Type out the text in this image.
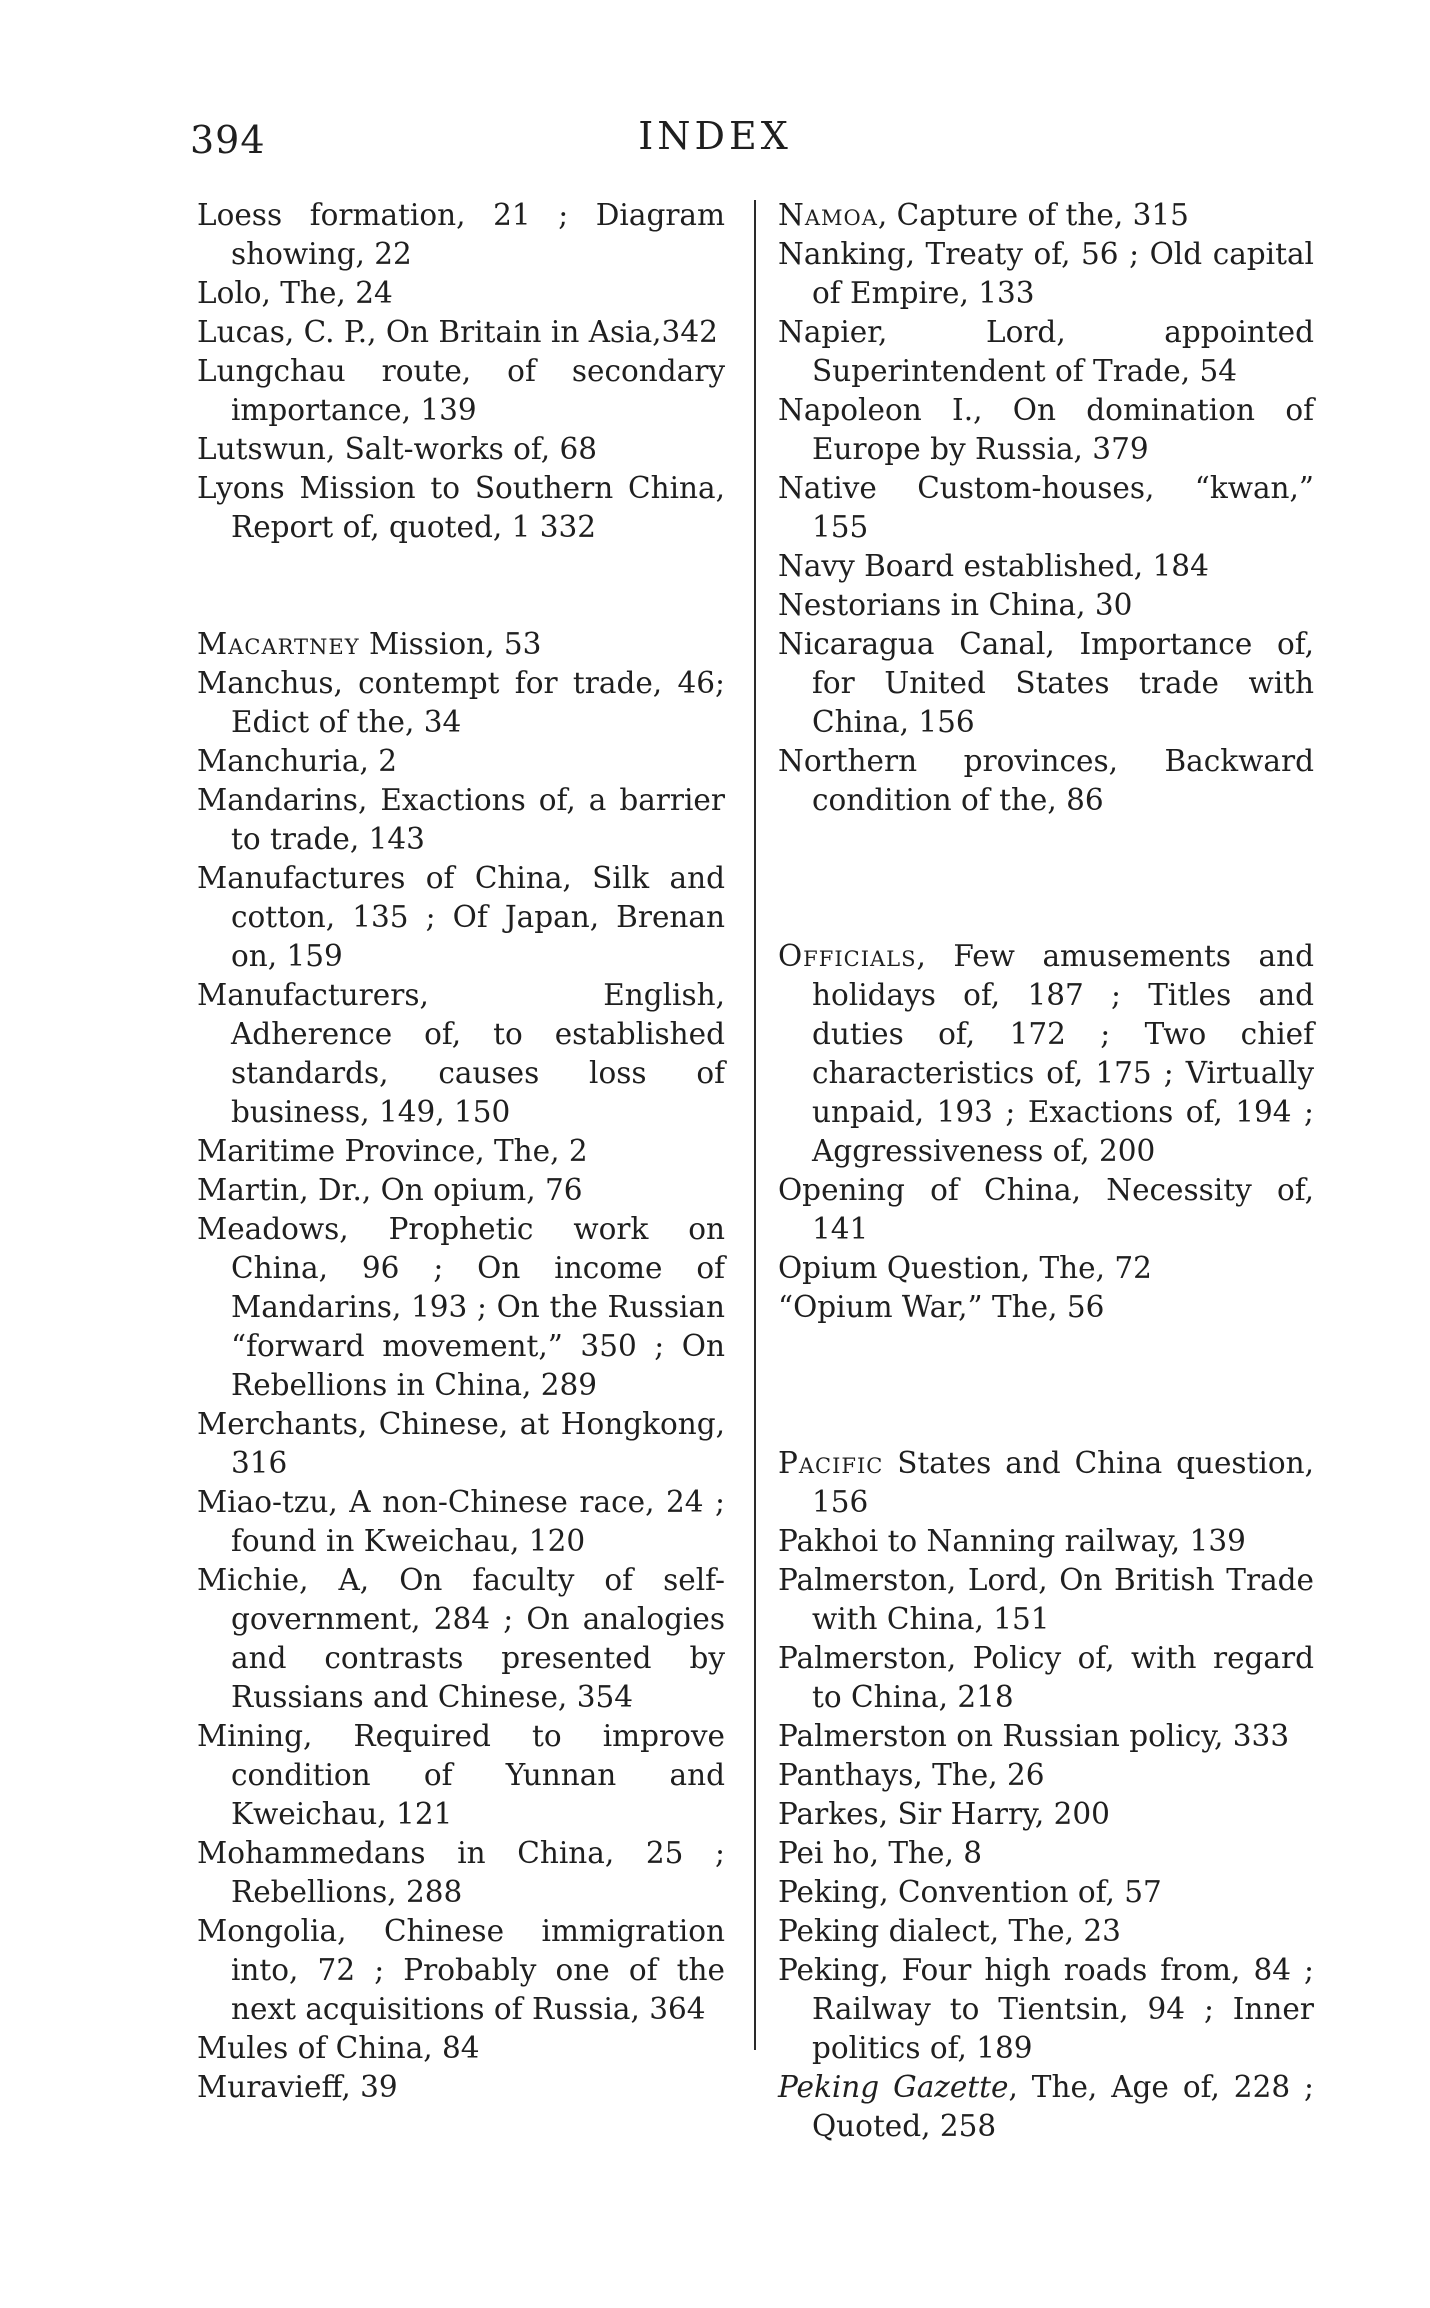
394	INDEX
Loess formation, 21 ; Diagram showing, 22
Lolo, The, 24
Lucas, C. P., On Britain in Asia,342
Lungchau route, of secondary importance, 139
Lutswun, Salt-works of, 68
Lyons Mission to Southern China, Report of, quoted, 1 332
Macartney Mission, 53
Manchus, contempt for trade, 46; Edict of the, 34
Manchuria, 2
Mandarins, Exactions of, a barrier to trade, 143
Manufactures of China, Silk and cotton, 135 ; Of Japan, Brenan on, 159
Manufacturers, English, Adherence of, to established standards, causes loss of business, 149, 150
Maritime Province, The, 2
Martin, Dr., On opium, 76
Meadows, Prophetic work on China, 96 ; On income of Mandarins, 193 ; On the Russian “forward movement,” 350 ; On Rebellions in China, 289
Merchants, Chinese, at Hongkong, 316
Miao-tzu, A non-Chinese race, 24 ; found in Kweichau, 120
Michie, A, On faculty of self-government, 284 ; On analogies and contrasts presented by Russians and Chinese, 354
Mining, Required to improve condition of Yunnan and Kweichau, 121
Mohammedans in China, 25 ; Rebellions, 288
Mongolia, Chinese immigration into, 72 ; Probably one of the next acquisitions of Russia, 364
Mules of China, 84
Muravieff, 39
Namoa, Capture of the, 315
Nanking, Treaty of, 56 ; Old capital of Empire, 133
Napier, Lord, appointed Superintendent of Trade, 54
Napoleon I., On domination of Europe by Russia, 379
Native Custom-houses, “kwan,” 155
Navy Board established, 184
Nestorians in China, 30
Nicaragua Canal, Importance of, for United States trade with China, 156
Northern provinces, Backward condition of the, 86
Officials, Few amusements and holidays of, 187 ; Titles and duties of, 172 ; Two chief characteristics of, 175 ; Virtually unpaid, 193 ; Exactions of, 194 ; Aggressiveness of, 200
Opening of China, Necessity of, 141
Opium Question, The, 72
“Opium War,” The, 56
Pacific States and China question, 156
Pakhoi to Nanning railway, 139
Palmerston, Lord, On British Trade with China, 151
Palmerston, Policy of, with regard to China, 218
Palmerston on Russian policy, 333
Panthays, The, 26
Parkes, Sir Harry, 200
Pei ho, The, 8
Peking, Convention of, 57
Peking dialect, The, 23
Peking, Four high roads from, 84 ; Railway to Tientsin, 94 ; Inner politics of, 189
Peking Gazette, The, Age of, 228 ; Quoted, 258
